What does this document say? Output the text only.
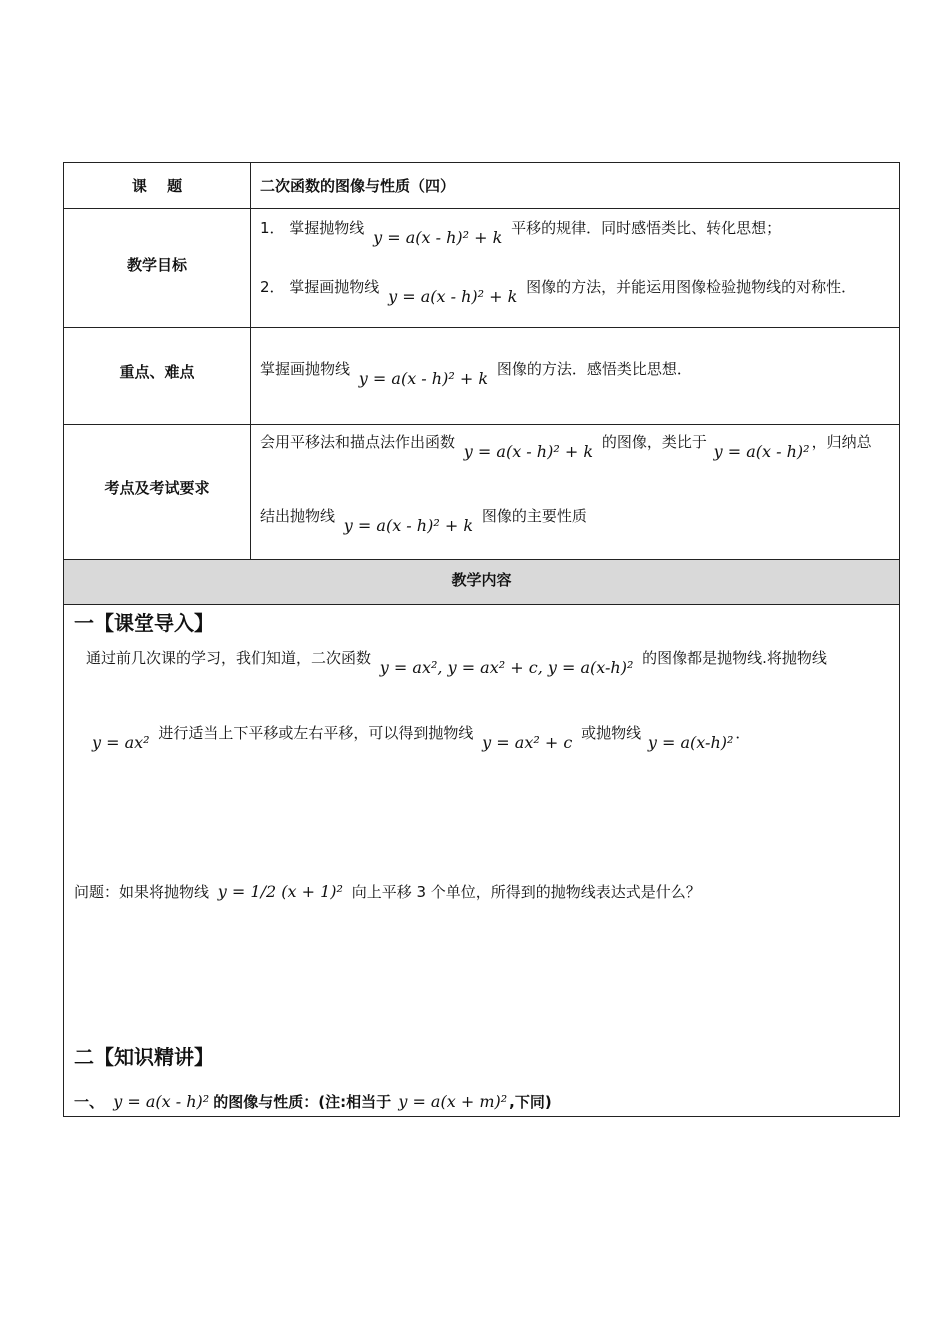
课　 题	二次函数的图像与性质（四）
教学目标
1． 掌握抛物线 y = a(x - h)² + k 平移的规律．同时感悟类比、转化思想；
2． 掌握画抛物线 y = a(x - h)² + k 图像的方法，并能运用图像检验抛物线的对称性．
重点、难点	掌握画抛物线 y = a(x - h)² + k 图像的方法．感悟类比思想．
考点及考试要求
会用平移法和描点法作出函数 y = a(x - h)² + k 的图像，类比于 y = a(x - h)² ，归纳总
结出抛物线 y = a(x - h)² + k 图像的主要性质
教学内容
一【课堂导入】
通过前几次课的学习，我们知道，二次函数 y = ax², y = ax² + c, y = a(x-h)² 的图像都是抛物线.将抛物线
y = ax² 进行适当上下平移或左右平移，可以得到抛物线 y = ax² + c 或抛物线 y = a(x-h)² ．
问题：如果将抛物线 y = 1/2 (x + 1)² 向上平移 3 个单位，所得到的抛物线表达式是什么？
二【知识精讲】
一、 y = a(x - h)² 的图像与性质：(注:相当于 y = a(x + m)² ,下同)
